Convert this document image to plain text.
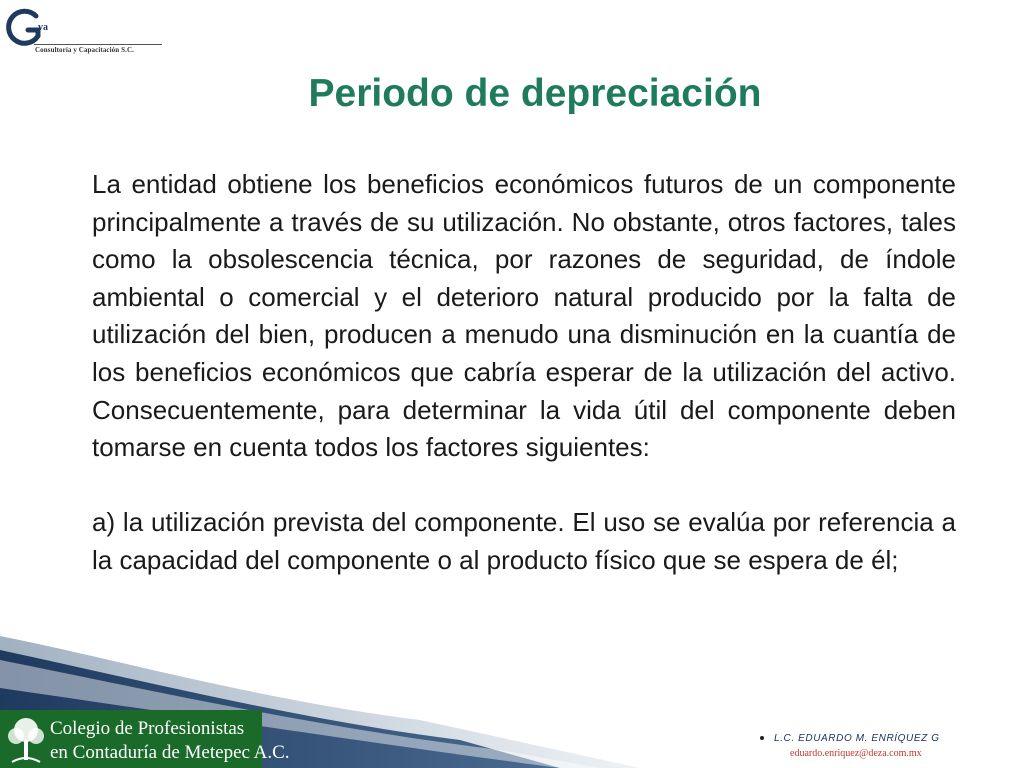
va
Consultoría y Capacitación S.C.
Periodo de depreciación

La entidad obtiene los beneficios económicos futuros de un componente principalmente a través de su utilización. No obstante, otros factores, tales como la obsolescencia técnica, por razones de seguridad, de índole ambiental o comercial y el deterioro natural producido por la falta de utilización del bien, producen a menudo una disminución en la cuantía de los beneficios económicos que cabría esperar de la utilización del activo. Consecuentemente, para determinar la vida útil del componente deben tomarse en cuenta todos los factores siguientes:

a) la utilización prevista del componente. El uso se evalúa por referencia a la capacidad del componente o al producto físico que se espera de él;

Colegio de Profesionistas
en Contaduría de Metepec A.C.
L.C. EDUARDO M. ENRÍQUEZ G
eduardo.enriquez@deza.com.mx
